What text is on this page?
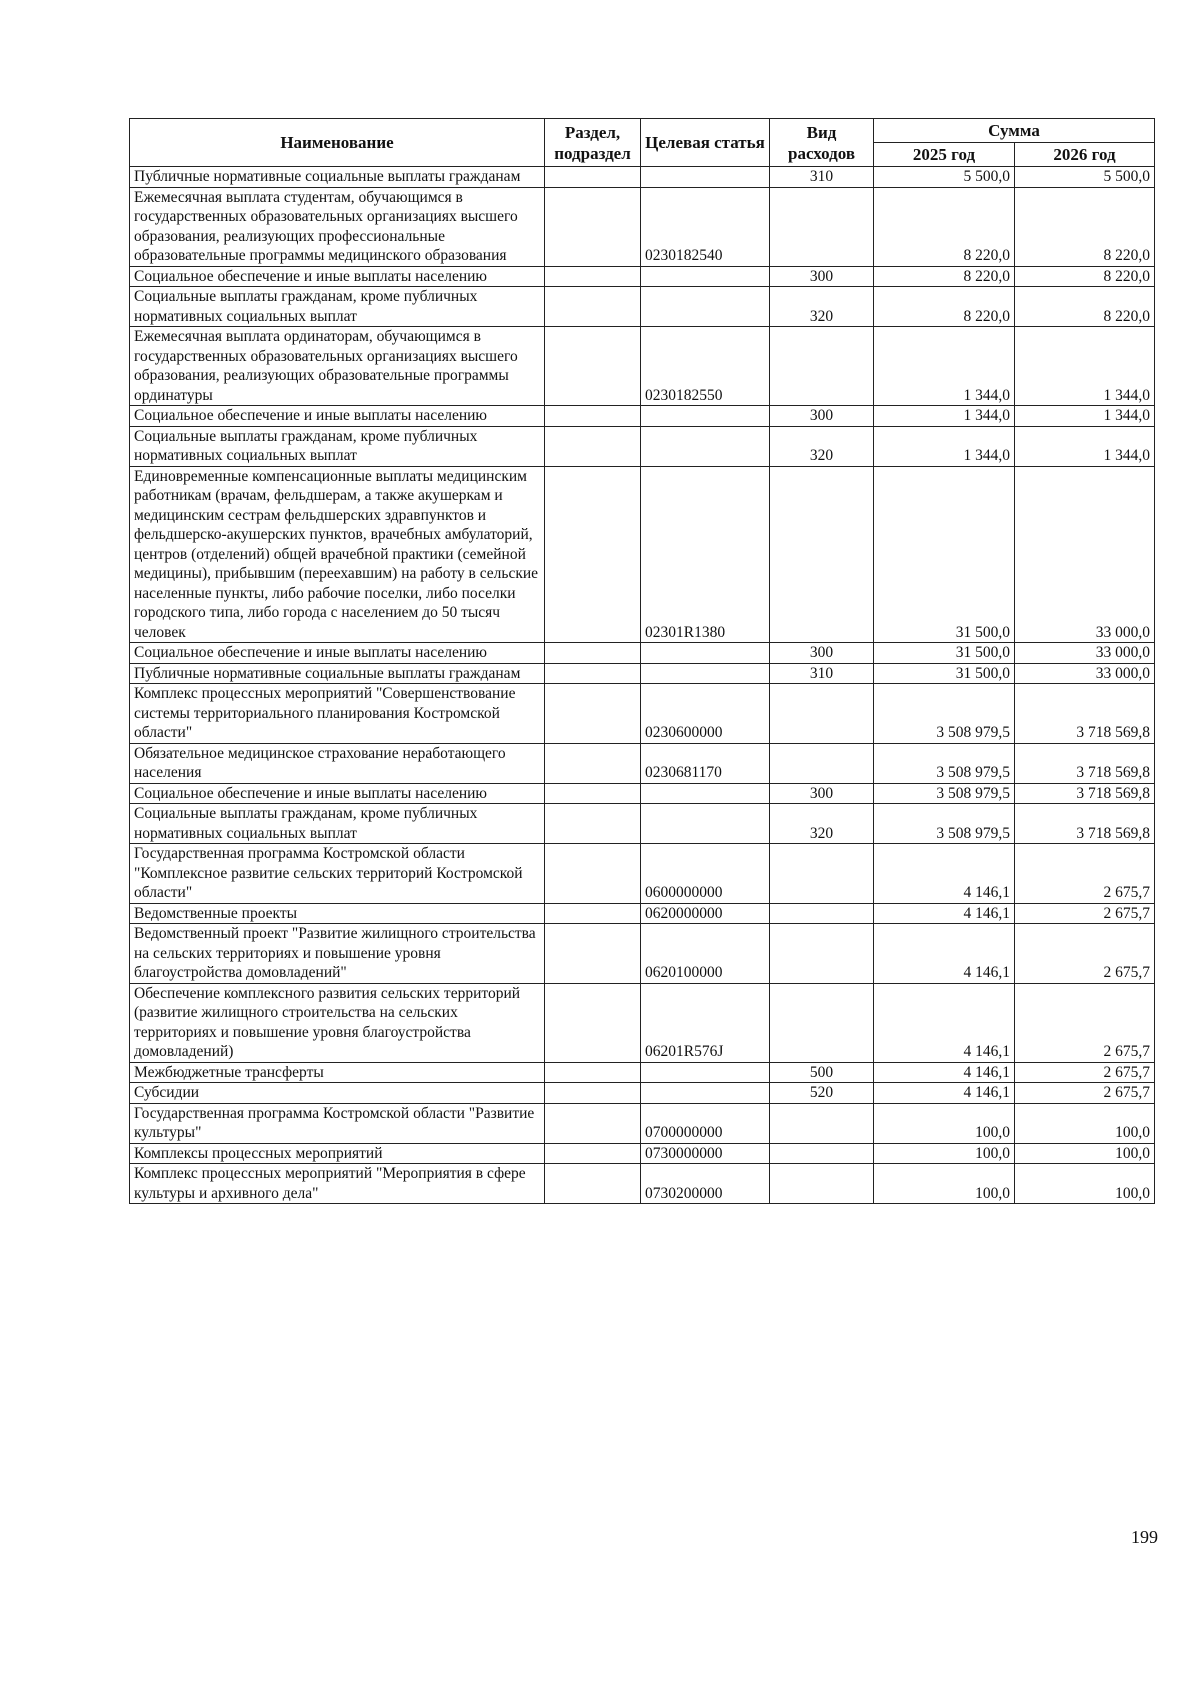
Наименование	Раздел, подраздел	Целевая статья	Вид расходов	Сумма	
				2025 год	2026 год
Публичные нормативные социальные выплаты гражданам			310	5 500,0	5 500,0
Ежемесячная выплата студентам, обучающимся в государственных образовательных организациях высшего образования, реализующих профессиональные образовательные программы медицинского образования		0230182540		8 220,0	8 220,0
Социальное обеспечение и иные выплаты населению			300	8 220,0	8 220,0
Социальные выплаты гражданам, кроме публичных нормативных социальных выплат			320	8 220,0	8 220,0
Ежемесячная выплата ординаторам, обучающимся в государственных образовательных организациях высшего образования, реализующих образовательные программы ординатуры		0230182550		1 344,0	1 344,0
Социальное обеспечение и иные выплаты населению			300	1 344,0	1 344,0
Социальные выплаты гражданам, кроме публичных нормативных социальных выплат			320	1 344,0	1 344,0
Единовременные компенсационные выплаты медицинским работникам (врачам, фельдшерам, а также акушеркам и медицинским сестрам фельдшерских здравпунктов и фельдшерско-акушерских пунктов, врачебных амбулаторий, центров (отделений) общей врачебной практики (семейной медицины), прибывшим (переехавшим) на работу в сельские населенные пункты, либо рабочие поселки, либо поселки городского типа, либо города с населением до 50 тысяч человек		02301R1380		31 500,0	33 000,0
Социальное обеспечение и иные выплаты населению			300	31 500,0	33 000,0
Публичные нормативные социальные выплаты гражданам			310	31 500,0	33 000,0
Комплекс процессных мероприятий "Совершенствование системы территориального планирования Костромской области"		0230600000		3 508 979,5	3 718 569,8
Обязательное медицинское страхование неработающего населения		0230681170		3 508 979,5	3 718 569,8
Социальное обеспечение и иные выплаты населению			300	3 508 979,5	3 718 569,8
Социальные выплаты гражданам, кроме публичных нормативных социальных выплат			320	3 508 979,5	3 718 569,8
Государственная программа Костромской области "Комплексное развитие сельских территорий Костромской области"		0600000000		4 146,1	2 675,7
Ведомственные проекты		0620000000		4 146,1	2 675,7
Ведомственный проект "Развитие жилищного строительства на сельских территориях и повышение уровня благоустройства домовладений"		0620100000		4 146,1	2 675,7
Обеспечение комплексного развития сельских территорий (развитие жилищного строительства на сельских территориях и повышение уровня благоустройства домовладений)		06201R576J		4 146,1	2 675,7
Межбюджетные трансферты			500	4 146,1	2 675,7
Субсидии			520	4 146,1	2 675,7
Государственная программа Костромской области "Развитие культуры"		0700000000		100,0	100,0
Комплексы процессных мероприятий		0730000000		100,0	100,0
Комплекс процессных мероприятий "Мероприятия в сфере культуры и архивного дела"		0730200000		100,0	100,0
199
